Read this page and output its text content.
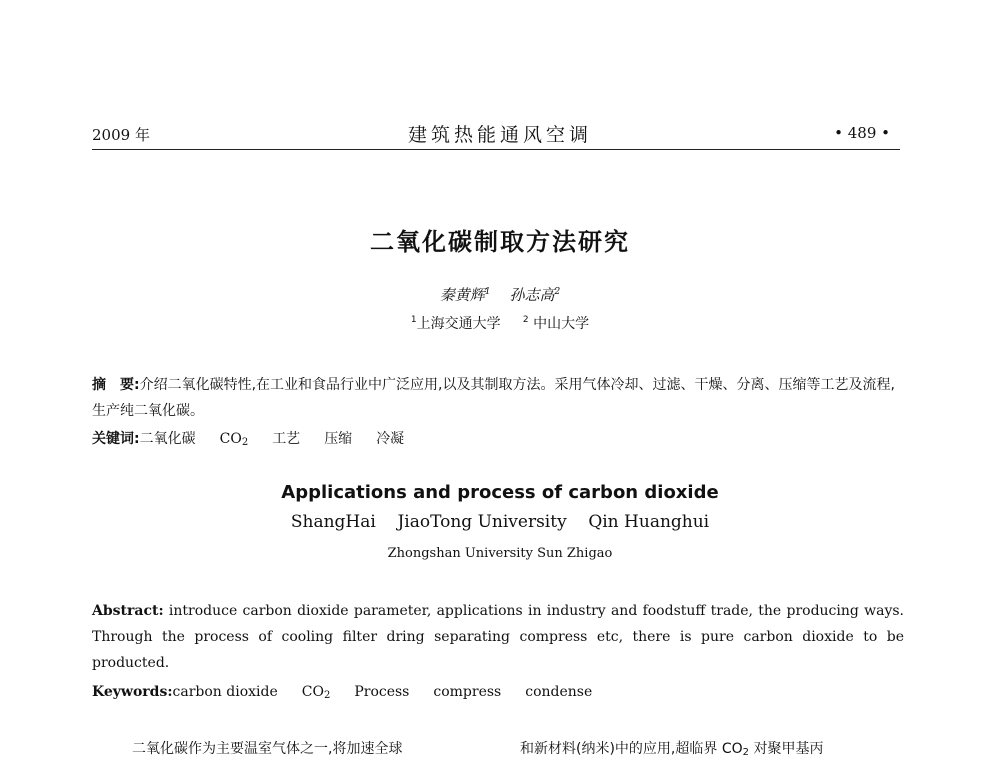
2009 年	建筑热能通风空调	• 489 •
二氧化碳制取方法研究
秦黄辉$^1$ 孙志高$^2$
$^1$上海交通大学 $^2$ 中山大学
摘　要:介绍二氧化碳特性,在工业和食品行业中广泛应用,以及其制取方法。采用气体冷却、过滤、干燥、分离、压缩等工艺及流程,生产纯二氧化碳。
关键词:二氧化碳 $CO_2$ 工艺 压缩 冷凝
Applications and process of carbon dioxide
ShangHai JiaoTong University Qin Huanghui
Zhongshan University Sun Zhigao
Abstract: introduce carbon dioxide parameter, applications in industry and foodstuff trade, the producing ways. Through the process of cooling filter dring separating compress etc, there is pure carbon dioxide to be producted.
Keywords:carbon dioxide $CO_2$ Process compress condense
二氧化碳作为主要温室气体之一,将加速全球	和新材料(纳米)中的应用,超临界 $CO_2$ 对聚甲基丙
